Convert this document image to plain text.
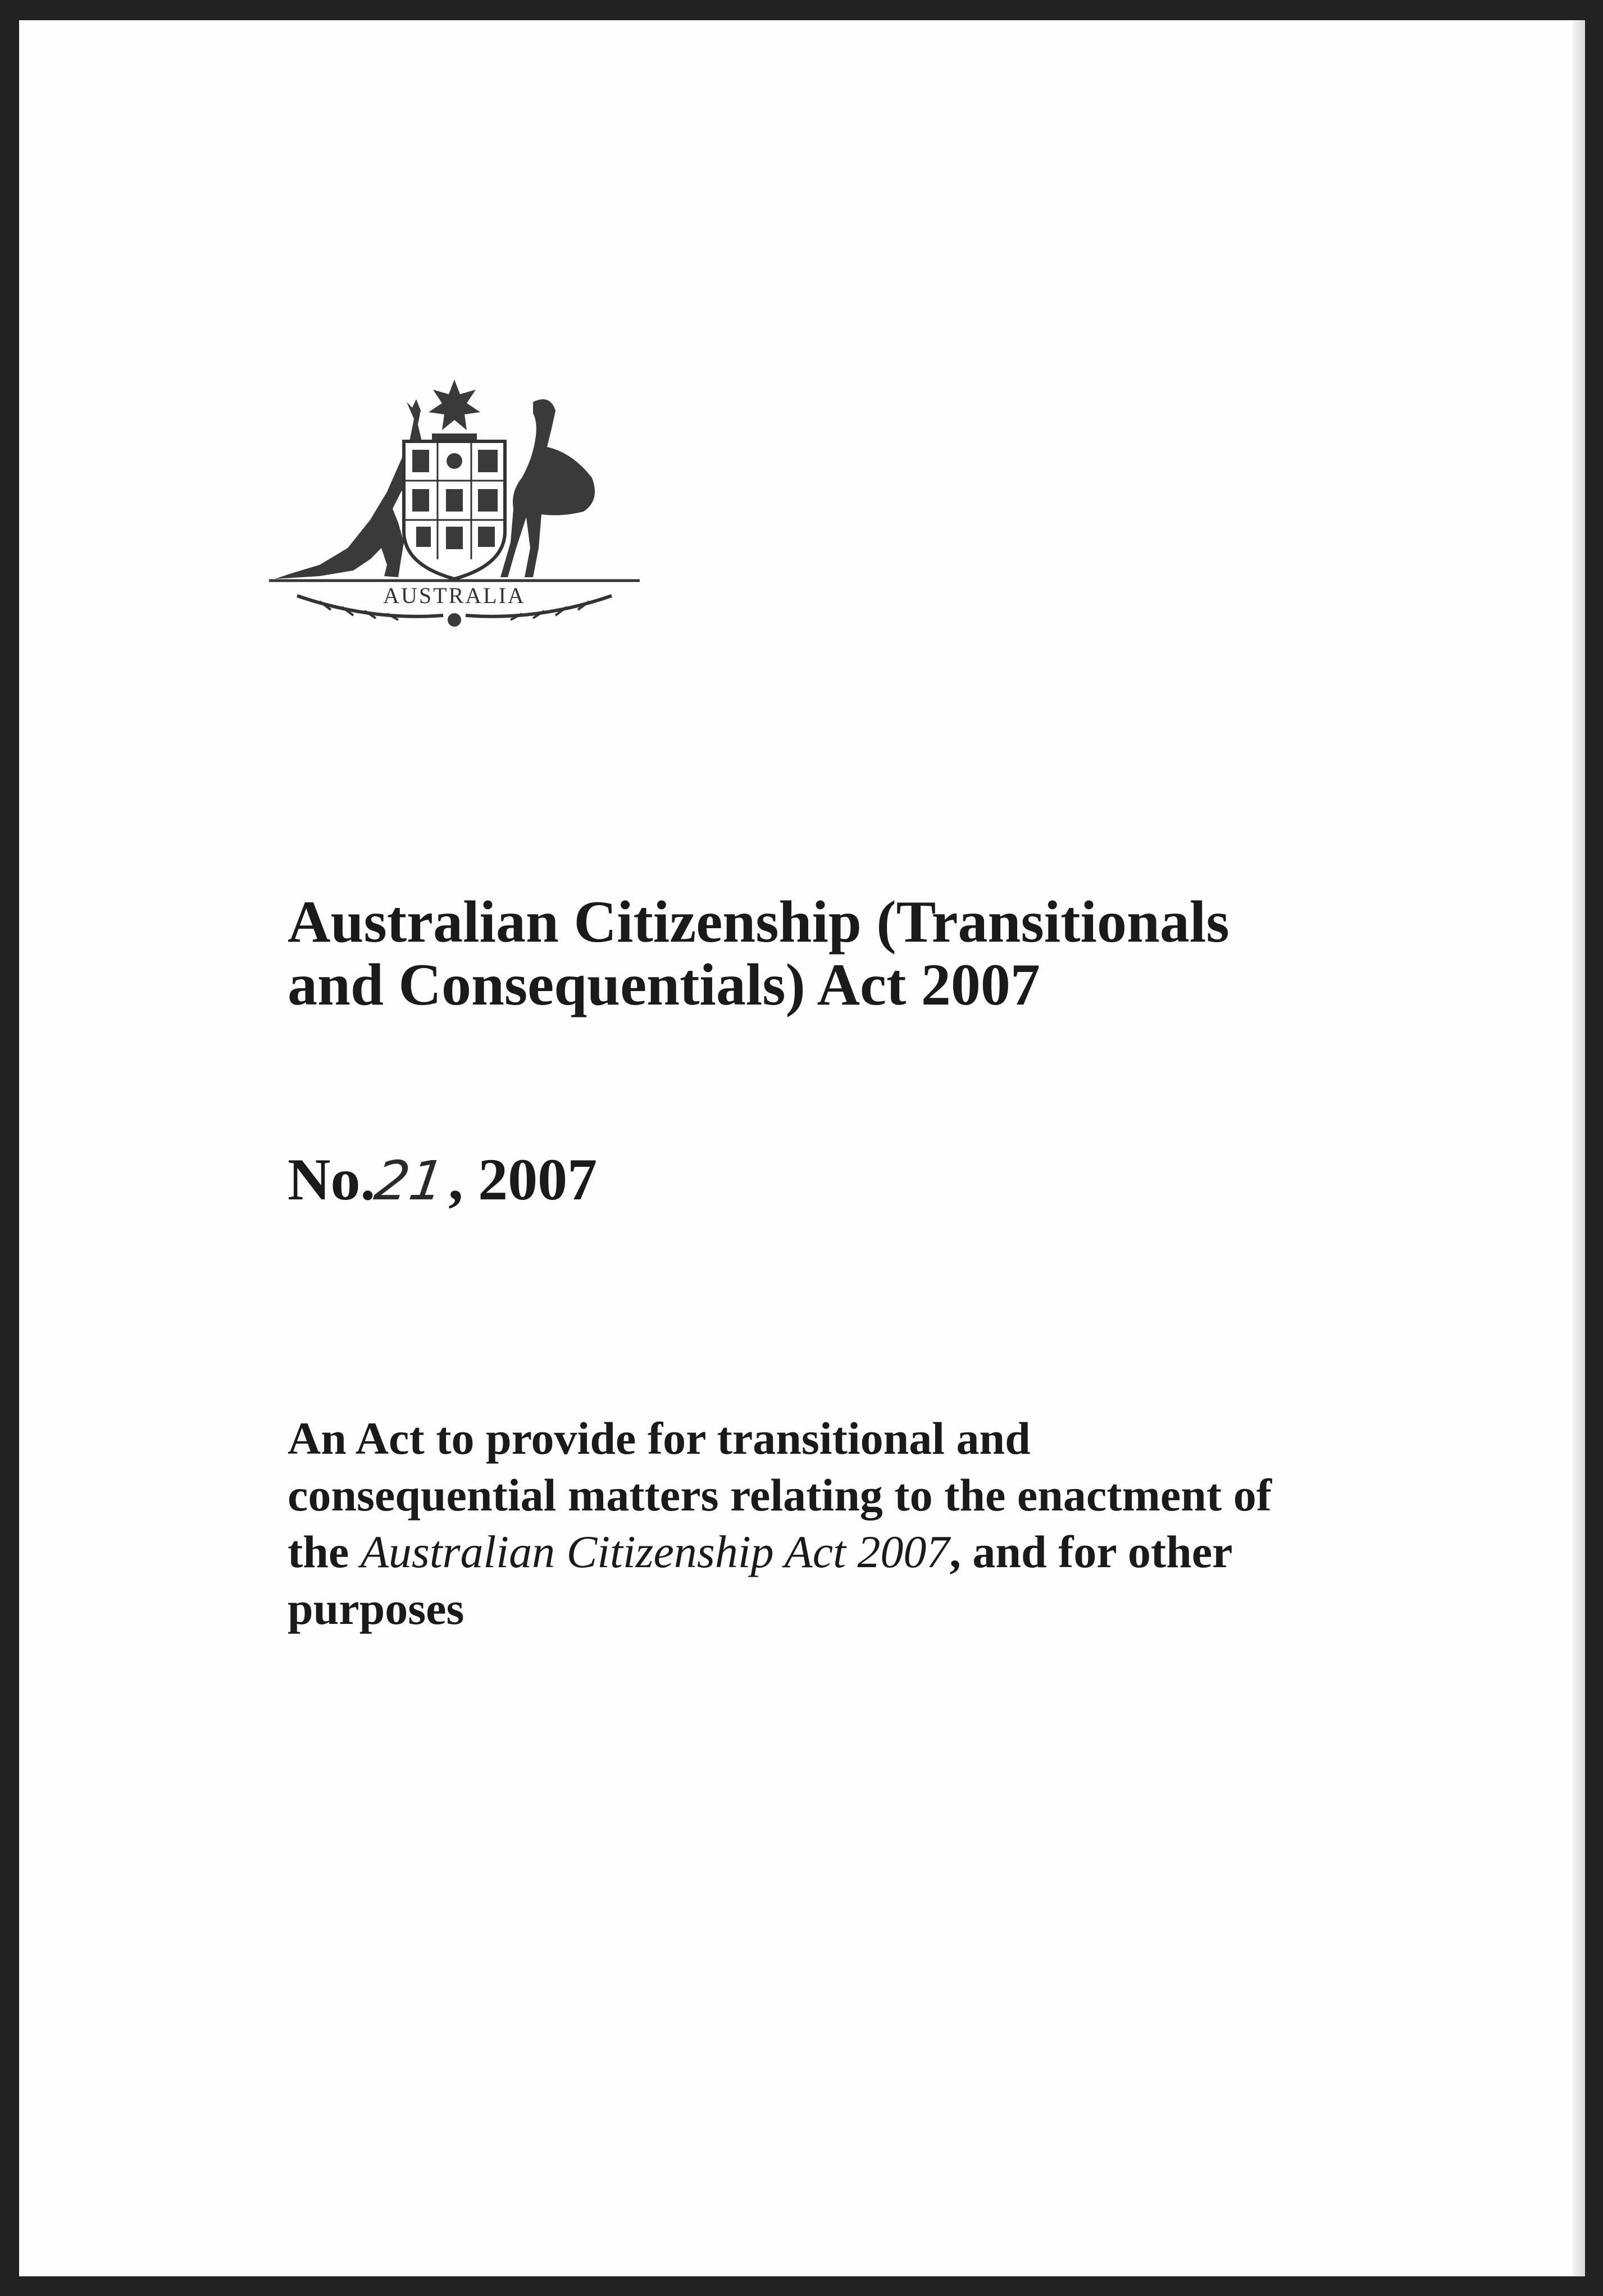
AUSTRALIA
Australian Citizenship (Transitionals
and Consequentials) Act 2007
No.21, 2007

An Act to provide for transitional and
consequential matters relating to the enactment of
the Australian Citizenship Act 2007, and for other
purposes
